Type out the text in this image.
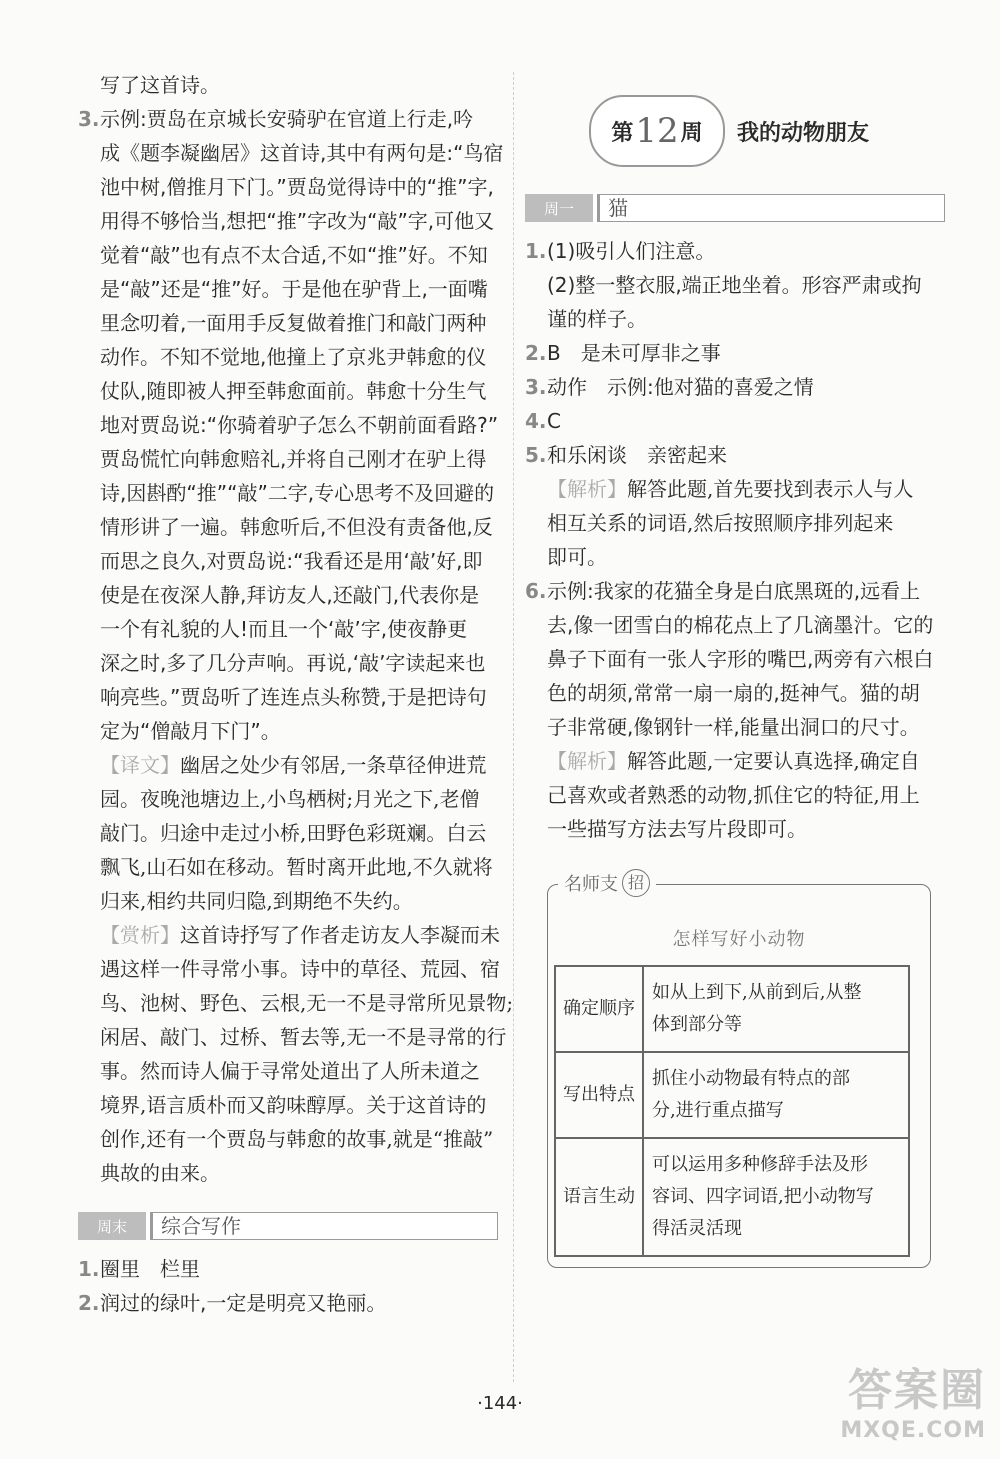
写了这首诗。
3.示例:贾岛在京城长安骑驴在官道上行走,吟
成《题李凝幽居》这首诗,其中有两句是:“鸟宿
池中树,僧推月下门。”贾岛觉得诗中的“推”字,
用得不够恰当,想把“推”字改为“敲”字,可他又
觉着“敲”也有点不太合适,不如“推”好。不知
是“敲”还是“推”好。于是他在驴背上,一面嘴
里念叨着,一面用手反复做着推门和敲门两种
动作。不知不觉地,他撞上了京兆尹韩愈的仪
仗队,随即被人押至韩愈面前。韩愈十分生气
地对贾岛说:“你骑着驴子怎么不朝前面看路?”
贾岛慌忙向韩愈赔礼,并将自己刚才在驴上得
诗,因斟酌“推”“敲”二字,专心思考不及回避的
情形讲了一遍。韩愈听后,不但没有责备他,反
而思之良久,对贾岛说:“我看还是用‘敲’好,即
使是在夜深人静,拜访友人,还敲门,代表你是
一个有礼貌的人!而且一个‘敲’字,使夜静更
深之时,多了几分声响。再说,‘敲’字读起来也
响亮些。”贾岛听了连连点头称赞,于是把诗句
定为“僧敲月下门”。
【译文】幽居之处少有邻居,一条草径伸进荒
园。夜晚池塘边上,小鸟栖树;月光之下,老僧
敲门。归途中走过小桥,田野色彩斑斓。白云
飘飞,山石如在移动。暂时离开此地,不久就将
归来,相约共同归隐,到期绝不失约。
【赏析】这首诗抒写了作者走访友人李凝而未
遇这样一件寻常小事。诗中的草径、荒园、宿
鸟、池树、野色、云根,无一不是寻常所见景物;
闲居、敲门、过桥、暂去等,无一不是寻常的行
事。然而诗人偏于寻常处道出了人所未道之
境界,语言质朴而又韵味醇厚。关于这首诗的
创作,还有一个贾岛与韩愈的故事,就是“推敲”
典故的由来。
周末	综合写作
1.圈里　栏里
2.润过的绿叶,一定是明亮又艳丽。
第 12 周 我的动物朋友
周一	猫
1.(1)吸引人们注意。
(2)整一整衣服,端正地坐着。形容严肃或拘
谨的样子。
2.B　是未可厚非之事
3.动作　示例:他对猫的喜爱之情
4.C
5.和乐闲谈　亲密起来
【解析】解答此题,首先要找到表示人与人
相互关系的词语,然后按照顺序排列起来
即可。
6.示例:我家的花猫全身是白底黑斑的,远看上
去,像一团雪白的棉花点上了几滴墨汁。它的
鼻子下面有一张人字形的嘴巴,两旁有六根白
色的胡须,常常一扇一扇的,挺神气。猫的胡
子非常硬,像钢针一样,能量出洞口的尺寸。
【解析】解答此题,一定要认真选择,确定自
己喜欢或者熟悉的动物,抓住它的特征,用上
一些描写方法去写片段即可。
名师支 招
怎样写好小动物
确定顺序	如从上到下,从前到后,从整
体到部分等

写出特点	抓住小动物最有特点的部
分,进行重点描写

语言生动	可以运用多种修辞手法及形
容词、四字词语,把小动物写
得活灵活现
·144·	答案圈
MXQE.COM
